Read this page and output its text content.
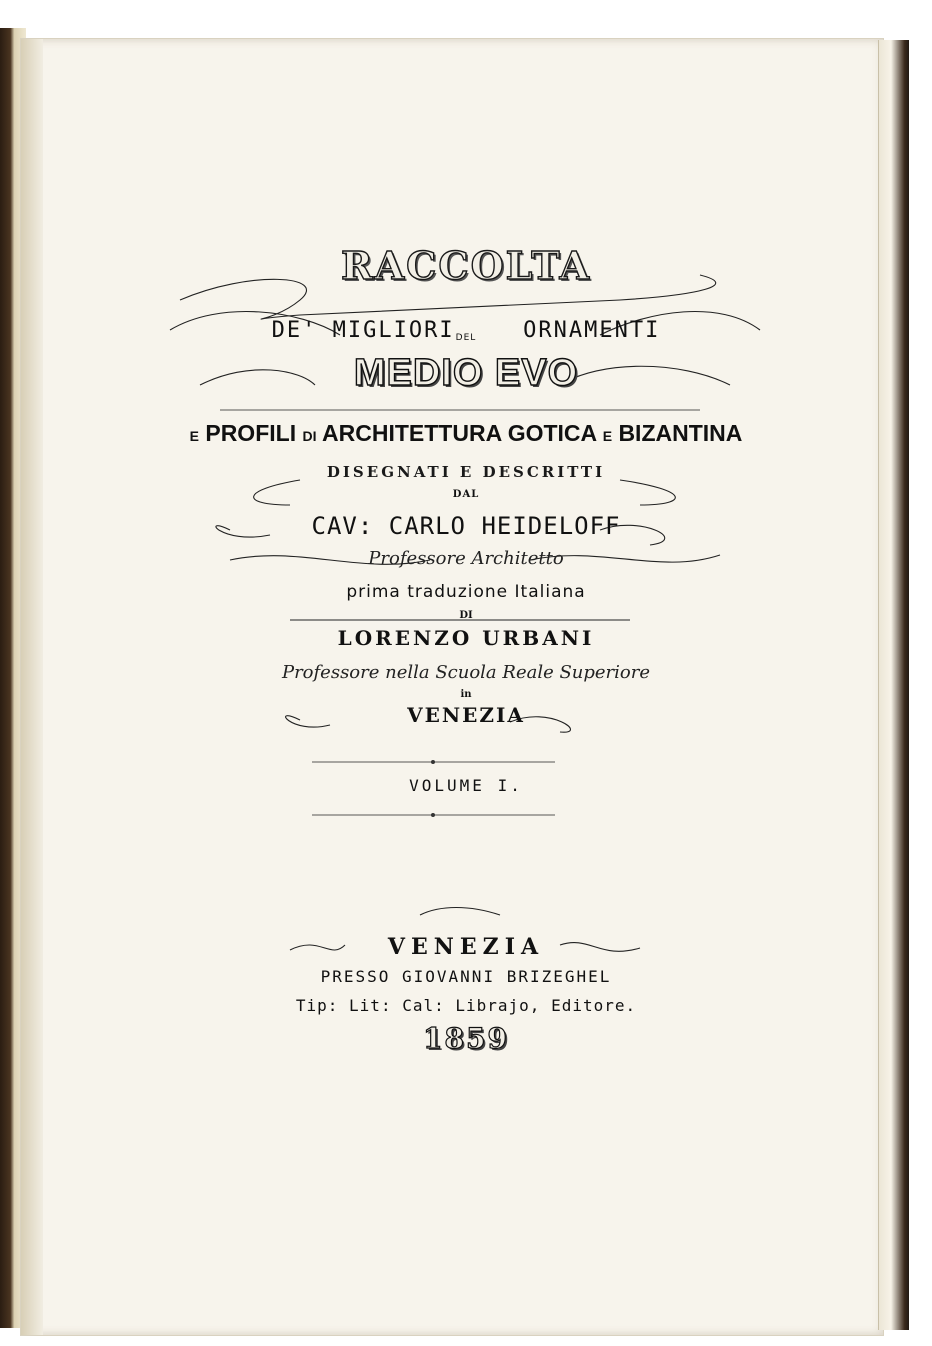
RACCOLTA
DE' MIGLIORI	ORNAMENTI
DEL
MEDIO EVO
E PROFILI DI ARCHITETTURA GOTICA E BIZANTINA
DISEGNATI E DESCRITTI
DAL
CAV: CARLO HEIDELOFF
Professore Architetto
prima traduzione Italiana
DI
LORENZO URBANI
Professore nella Scuola Reale Superiore
in
VENEZIA
VOLUME I.
VENEZIA
PRESSO GIOVANNI BRIZEGHEL
Tip: Lit: Cal: Librajo, Editore.
1859
